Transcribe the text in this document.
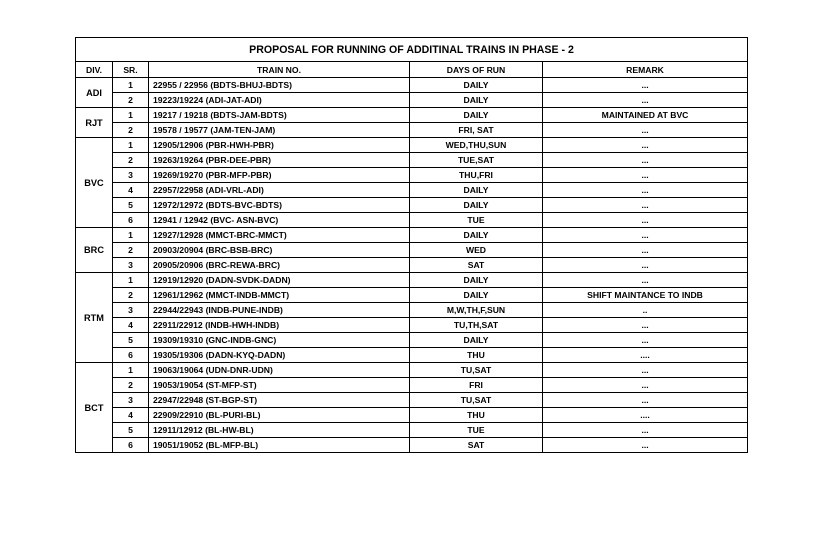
PROPOSAL FOR RUNNING OF ADDITINAL TRAINS IN PHASE - 2				
DIV.	SR.	TRAIN NO.	DAYS OF RUN	REMARK
ADI	1	22955 / 22956 (BDTS-BHUJ-BDTS)	DAILY	...
	2	19223/19224 (ADI-JAT-ADI)	DAILY	...
RJT	1	19217 / 19218 (BDTS-JAM-BDTS)	DAILY	MAINTAINED AT BVC
	2	19578 / 19577 (JAM-TEN-JAM)	FRI, SAT	...
BVC	1	12905/12906 (PBR-HWH-PBR)	WED,THU,SUN	...
	2	19263/19264 (PBR-DEE-PBR)	TUE,SAT	...
	3	19269/19270 (PBR-MFP-PBR)	THU,FRI	...
	4	22957/22958 (ADI-VRL-ADI)	DAILY	...
	5	12972/12972 (BDTS-BVC-BDTS)	DAILY	...
	6	12941 / 12942 (BVC- ASN-BVC)	TUE	...
BRC	1	12927/12928 (MMCT-BRC-MMCT)	DAILY	...
	2	20903/20904 (BRC-BSB-BRC)	WED	...
	3	20905/20906 (BRC-REWA-BRC)	SAT	...
RTM	1	12919/12920 (DADN-SVDK-DADN)	DAILY	...
	2	12961/12962 (MMCT-INDB-MMCT)	DAILY	SHIFT MAINTANCE TO INDB
	3	22944/22943 (INDB-PUNE-INDB)	M,W,TH,F,SUN	..
	4	22911/22912 (INDB-HWH-INDB)	TU,TH,SAT	...
	5	19309/19310 (GNC-INDB-GNC)	DAILY	...
	6	19305/19306 (DADN-KYQ-DADN)	THU	....
BCT	1	19063/19064 (UDN-DNR-UDN)	TU,SAT	...
	2	19053/19054 (ST-MFP-ST)	FRI	...
	3	22947/22948 (ST-BGP-ST)	TU,SAT	...
	4	22909/22910 (BL-PURI-BL)	THU	....
	5	12911/12912 (BL-HW-BL)	TUE	...
	6	19051/19052 (BL-MFP-BL)	SAT	...
